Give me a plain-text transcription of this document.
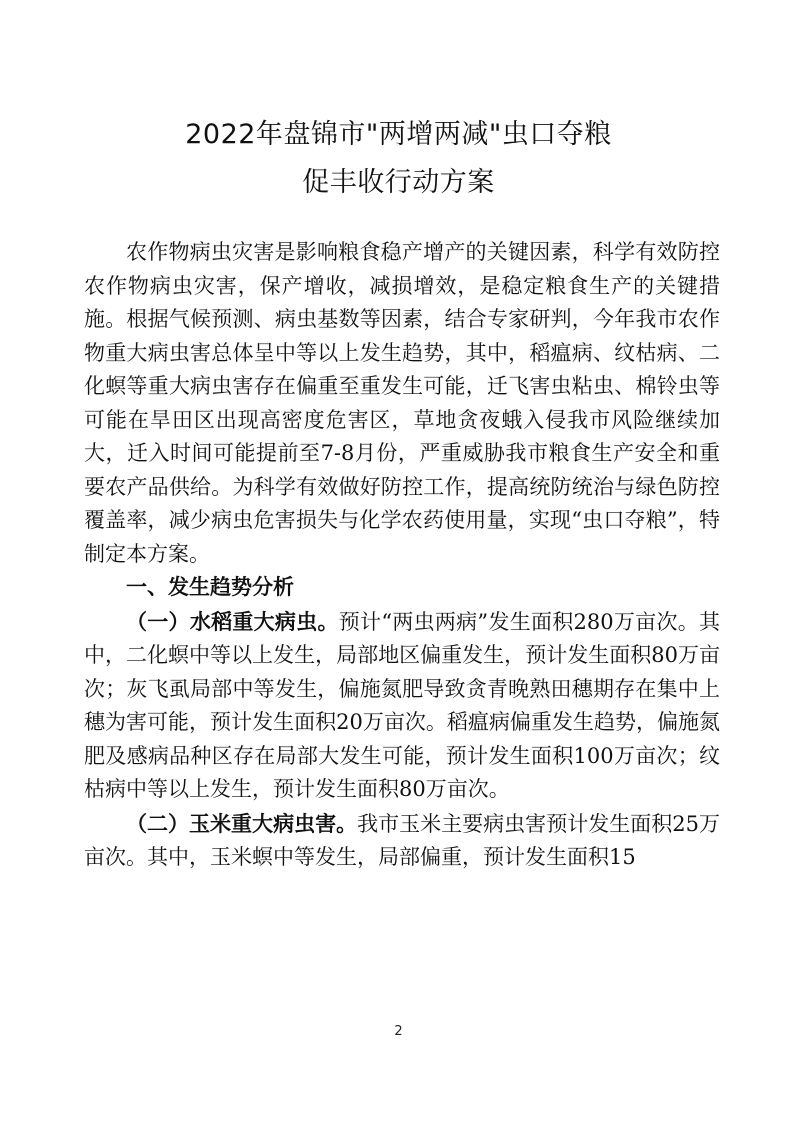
2022年盘锦市"两增两减"虫口夺粮
促丰收行动方案

农作物病虫灾害是影响粮食稳产增产的关键因素，科学有效防控农作物病虫灾害，保产增收，减损增效，是稳定粮食生产的关键措施。根据气候预测、病虫基数等因素，结合专家研判，今年我市农作物重大病虫害总体呈中等以上发生趋势，其中，稻瘟病、纹枯病、二化螟等重大病虫害存在偏重至重发生可能，迁飞害虫粘虫、棉铃虫等可能在旱田区出现高密度危害区，草地贪夜蛾入侵我市风险继续加大，迁入时间可能提前至7-8月份，严重威胁我市粮食生产安全和重要农产品供给。为科学有效做好防控工作，提高统防统治与绿色防控覆盖率，减少病虫危害损失与化学农药使用量，实现“虫口夺粮”，特制定本方案。

一、发生趋势分析

（一）水稻重大病虫。预计“两虫两病”发生面积280万亩次。其中，二化螟中等以上发生，局部地区偏重发生，预计发生面积80万亩次；灰飞虱局部中等发生，偏施氮肥导致贪青晚熟田穗期存在集中上穗为害可能，预计发生面积20万亩次。稻瘟病偏重发生趋势，偏施氮肥及感病品种区存在局部大发生可能，预计发生面积100万亩次；纹枯病中等以上发生，预计发生面积80万亩次。

（二）玉米重大病虫害。我市玉米主要病虫害预计发生面积25万亩次。其中，玉米螟中等发生，局部偏重，预计发生面积15

2
